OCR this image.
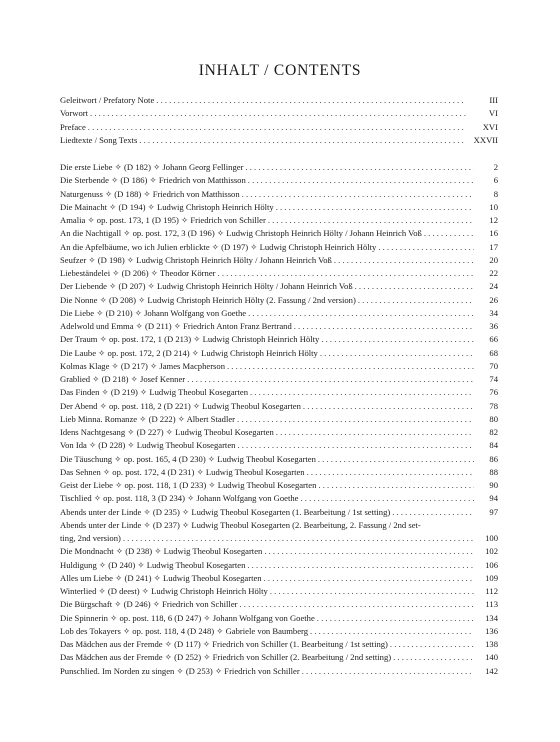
INHALT / CONTENTS
Geleitwort / Prefatory Note . . .	III
Vorwort . . .	VI
Preface . . .	XVI
Liedtexte / Song Texts . . .	XXVII
Die erste Liebe ✧ (D 182) ✧ Johann Georg Fellinger . . .	2
Die Sterbende ✧ (D 186) ✧ Friedrich von Matthisson . . .	6
Naturgenuss ✧ (D 188) ✧ Friedrich von Matthisson . . .	8
Die Mainacht ✧ (D 194) ✧ Ludwig Christoph Heinrich Hölty . . .	10
Amalia ✧ op. post. 173, 1 (D 195) ✧ Friedrich von Schiller . . .	12
An die Nachtigall ✧ op. post. 172, 3 (D 196) ✧ Ludwig Christoph Heinrich Hölty / Johann Heinrich Voß . . .	16
An die Apfelbäume, wo ich Julien erblickte ✧ (D 197) ✧ Ludwig Christoph Heinrich Hölty . . .	17
Seufzer ✧ (D 198) ✧ Ludwig Christoph Heinrich Hölty / Johann Heinrich Voß . . .	20
Liebeständelei ✧ (D 206) ✧ Theodor Körner . . .	22
Der Liebende ✧ (D 207) ✧ Ludwig Christoph Heinrich Hölty / Johann Heinrich Voß . . .	24
Die Nonne ✧ (D 208) ✧ Ludwig Christoph Heinrich Hölty (2. Fassung / 2nd version) . . .	26
Die Liebe ✧ (D 210) ✧ Johann Wolfgang von Goethe . . .	34
Adelwold und Emma ✧ (D 211) ✧ Friedrich Anton Franz Bertrand . . .	36
Der Traum ✧ op. post. 172, 1 (D 213) ✧ Ludwig Christoph Heinrich Hölty . . .	66
Die Laube ✧ op. post. 172, 2 (D 214) ✧ Ludwig Christoph Heinrich Hölty . . .	68
Kolmas Klage ✧ (D 217) ✧ James Macpherson . . .	70
Grablied ✧ (D 218) ✧ Josef Kenner . . .	74
Das Finden ✧ (D 219) ✧ Ludwig Theobul Kosegarten . . .	76
Der Abend ✧ op. post. 118, 2 (D 221) ✧ Ludwig Theobul Kosegarten . . .	78
Lieb Minna. Romanze ✧ (D 222) ✧ Albert Stadler . . .	80
Idens Nachtgesang ✧ (D 227) ✧ Ludwig Theobul Kosegarten . . .	82
Von Ida ✧ (D 228) ✧ Ludwig Theobul Kosegarten . . .	84
Die Täuschung ✧ op. post. 165, 4 (D 230) ✧ Ludwig Theobul Kosegarten . . .	86
Das Sehnen ✧ op. post. 172, 4 (D 231) ✧ Ludwig Theobul Kosegarten . . .	88
Geist der Liebe ✧ op. post. 118, 1 (D 233) ✧ Ludwig Theobul Kosegarten . . .	90
Tischlied ✧ op. post. 118, 3 (D 234) ✧ Johann Wolfgang von Goethe . . .	94
Abends unter der Linde ✧ (D 235) ✧ Ludwig Theobul Kosegarten (1. Bearbeitung / 1st setting) . . .	97
Abends unter der Linde ✧ (D 237) ✧ Ludwig Theobul Kosegarten (2. Bearbeitung, 2. Fassung / 2nd set-
ting, 2nd version) . . .	100
Die Mondnacht ✧ (D 238) ✧ Ludwig Theobul Kosegarten . . .	102
Huldigung ✧ (D 240) ✧ Ludwig Theobul Kosegarten . . .	106
Alles um Liebe ✧ (D 241) ✧ Ludwig Theobul Kosegarten . . .	109
Winterlied ✧ (D deest) ✧ Ludwig Christoph Heinrich Hölty . . .	112
Die Bürgschaft ✧ (D 246) ✧ Friedrich von Schiller . . .	113
Die Spinnerin ✧ op. post. 118, 6 (D 247) ✧ Johann Wolfgang von Goethe . . .	134
Lob des Tokayers ✧ op. post. 118, 4 (D 248) ✧ Gabriele von Baumberg . . .	136
Das Mädchen aus der Fremde ✧ (D 117) ✧ Friedrich von Schiller (1. Bearbeitung / 1st setting) . . .	138
Das Mädchen aus der Fremde ✧ (D 252) ✧ Friedrich von Schiller (2. Bearbeitung / 2nd setting) . . .	140
Punschlied. Im Norden zu singen ✧ (D 253) ✧ Friedrich von Schiller . . .	142
